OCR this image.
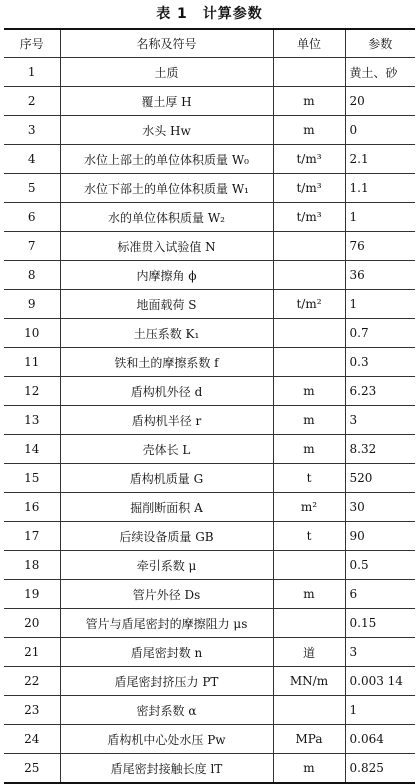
表 1　计算参数
序号	名称及符号	单位	参数
1	土质		黄土、砂
2	覆土厚 H	m	20
3	水头 Hw	m	0
4	水位上部土的单位体积质量 W₀	t/m³	2.1
5	水位下部土的单位体积质量 W₁	t/m³	1.1
6	水的单位体积质量 W₂	t/m³	1
7	标准贯入试验值 N		76
8	内摩擦角 ϕ		36
9	地面载荷 S	t/m²	1
10	土压系数 K₁		0.7
11	铁和土的摩擦系数 f		0.3
12	盾构机外径 d	m	6.23
13	盾构机半径 r	m	3
14	壳体长 L	m	8.32
15	盾构机质量 G	t	520
16	掘削断面积 A	m²	30
17	后续设备质量 GB	t	90
18	牵引系数 μ		0.5
19	管片外径 Ds	m	6
20	管片与盾尾密封的摩擦阻力 μs		0.15
21	盾尾密封数 n	道	3
22	盾尾密封挤压力 PT	MN/m	0.003 14
23	密封系数 α		1
24	盾构机中心处水压 Pw	MPa	0.064
25	盾尾密封接触长度 lT	m	0.825
